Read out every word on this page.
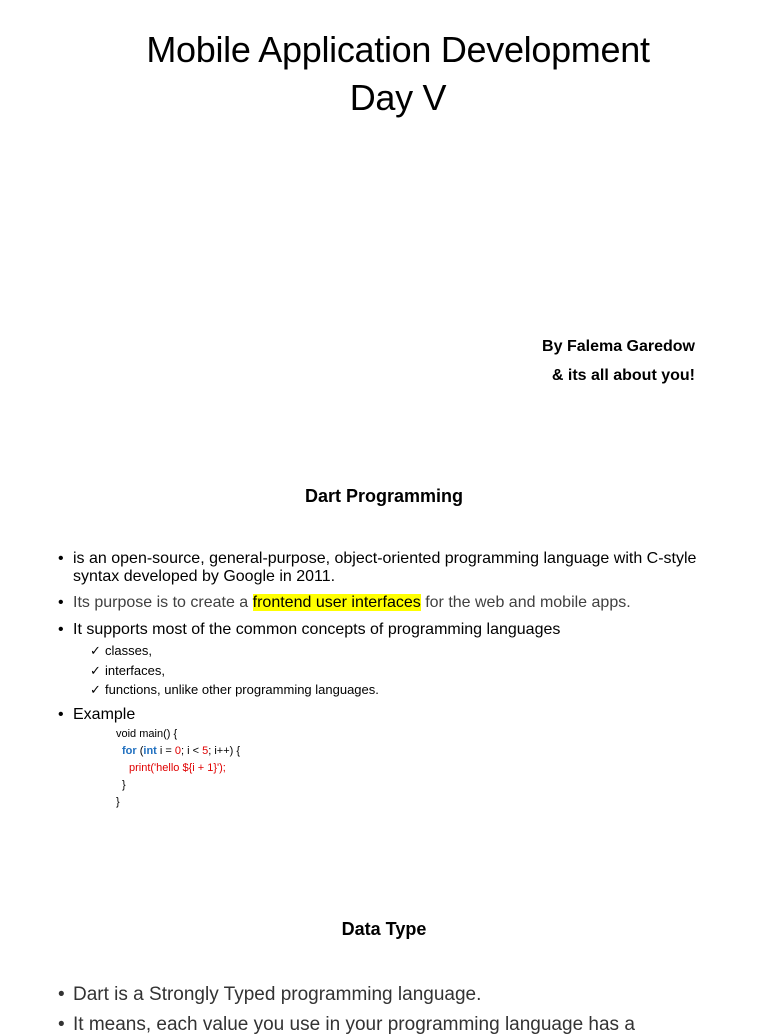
Mobile Application Development
Day V
By Falema Garedow
& its all about you!
Dart Programming
• is an open-source, general-purpose, object-oriented programming language with C-style syntax developed by Google in 2011.
• Its purpose is to create a frontend user interfaces for the web and mobile apps.
• It supports most of the common concepts of programming languages
✓ classes,
✓ interfaces,
✓ functions, unlike other programming languages.
• Example
void main() {
for (int i = 0; i < 5; i++) {
print('hello ${i + 1}');
}
}
Data Type
• Dart is a Strongly Typed programming language.
• It means, each value you use in your programming language has a
